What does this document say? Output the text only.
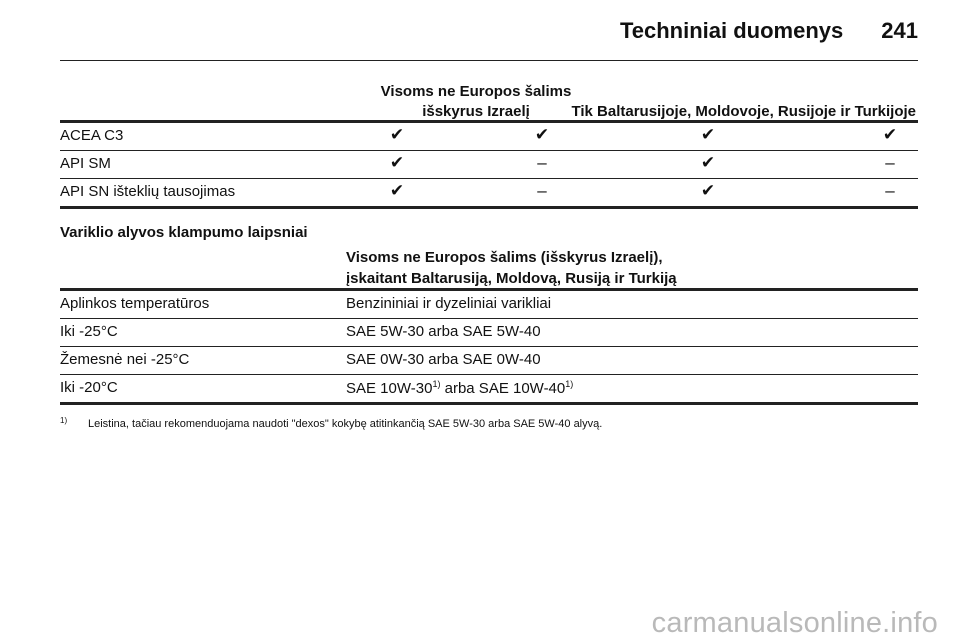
Techniniai duomenys 241
Visoms ne Europos šalims
išskyrus Izraelį	Tik Baltarusijoje, Moldovoje, Rusijoje ir Turkijoje
ACEA C3	✔	✔	✔	✔
API SM	✔	–	✔	–
API SN išteklių tausojimas	✔	–	✔	–
Variklio alyvos klampumo laipsniai
Visoms ne Europos šalims (išskyrus Izraelį),
įskaitant Baltarusiją, Moldovą, Rusiją ir Turkiją
Aplinkos temperatūros	Benzininiai ir dyzeliniai varikliai
Iki -25°C	SAE 5W-30 arba SAE 5W-40
Žemesnė nei -25°C	SAE 0W-30 arba SAE 0W-40
Iki -20°C	SAE 10W-30$^{1)}$ arba SAE 10W-40$^{1)}$
1)	Leistina, tačiau rekomenduojama naudoti "dexos" kokybę atitinkančią SAE 5W-30 arba SAE 5W-40 alyvą.
carmanualsonline.info
